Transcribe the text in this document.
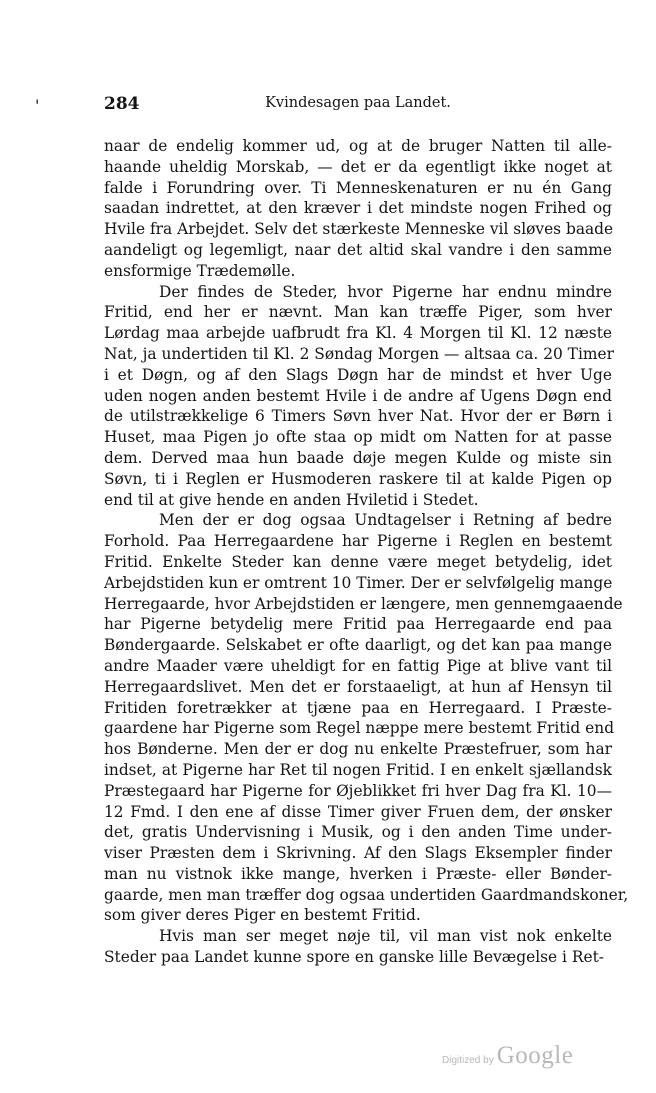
'	284	Kvindesagen paa Landet.
naar de endelig kommer ud, og at de bruger Natten til alle-
haande uheldig Morskab, — det er da egentligt ikke noget at
falde i Forundring over. Ti Menneskenaturen er nu én Gang
saadan indrettet, at den kræver i det mindste nogen Frihed og
Hvile fra Arbejdet. Selv det stærkeste Menneske vil sløves baade
aandeligt og legemligt, naar det altid skal vandre i den samme
ensformige Trædemølle.
Der findes de Steder, hvor Pigerne har endnu mindre
Fritid, end her er nævnt. Man kan træffe Piger, som hver
Lørdag maa arbejde uafbrudt fra Kl. 4 Morgen til Kl. 12 næste
Nat, ja undertiden til Kl. 2 Søndag Morgen — altsaa ca. 20 Timer
i et Døgn, og af den Slags Døgn har de mindst et hver Uge
uden nogen anden bestemt Hvile i de andre af Ugens Døgn end
de utilstrækkelige 6 Timers Søvn hver Nat. Hvor der er Børn i
Huset, maa Pigen jo ofte staa op midt om Natten for at passe
dem. Derved maa hun baade døje megen Kulde og miste sin
Søvn, ti i Reglen er Husmoderen raskere til at kalde Pigen op
end til at give hende en anden Hviletid i Stedet.
Men der er dog ogsaa Undtagelser i Retning af bedre
Forhold. Paa Herregaardene har Pigerne i Reglen en bestemt
Fritid. Enkelte Steder kan denne være meget betydelig, idet
Arbejdstiden kun er omtrent 10 Timer. Der er selvfølgelig mange
Herregaarde, hvor Arbejdstiden er længere, men gennemgaaende
har Pigerne betydelig mere Fritid paa Herregaarde end paa
Bøndergaarde. Selskabet er ofte daarligt, og det kan paa mange
andre Maader være uheldigt for en fattig Pige at blive vant til
Herregaardslivet. Men det er forstaaeligt, at hun af Hensyn til
Fritiden foretrækker at tjæne paa en Herregaard. I Præste-
gaardene har Pigerne som Regel næppe mere bestemt Fritid end
hos Bønderne. Men der er dog nu enkelte Præstefruer, som har
indset, at Pigerne har Ret til nogen Fritid. I en enkelt sjællandsk
Præstegaard har Pigerne for Øjeblikket fri hver Dag fra Kl. 10—
12 Fmd. I den ene af disse Timer giver Fruen dem, der ønsker
det, gratis Undervisning i Musik, og i den anden Time under-
viser Præsten dem i Skrivning. Af den Slags Eksempler finder
man nu vistnok ikke mange, hverken i Præste- eller Bønder-
gaarde, men man træffer dog ogsaa undertiden Gaardmandskoner,
som giver deres Piger en bestemt Fritid.
Hvis man ser meget nøje til, vil man vist nok enkelte
Steder paa Landet kunne spore en ganske lille Bevægelse i Ret-
Digitized by Google
